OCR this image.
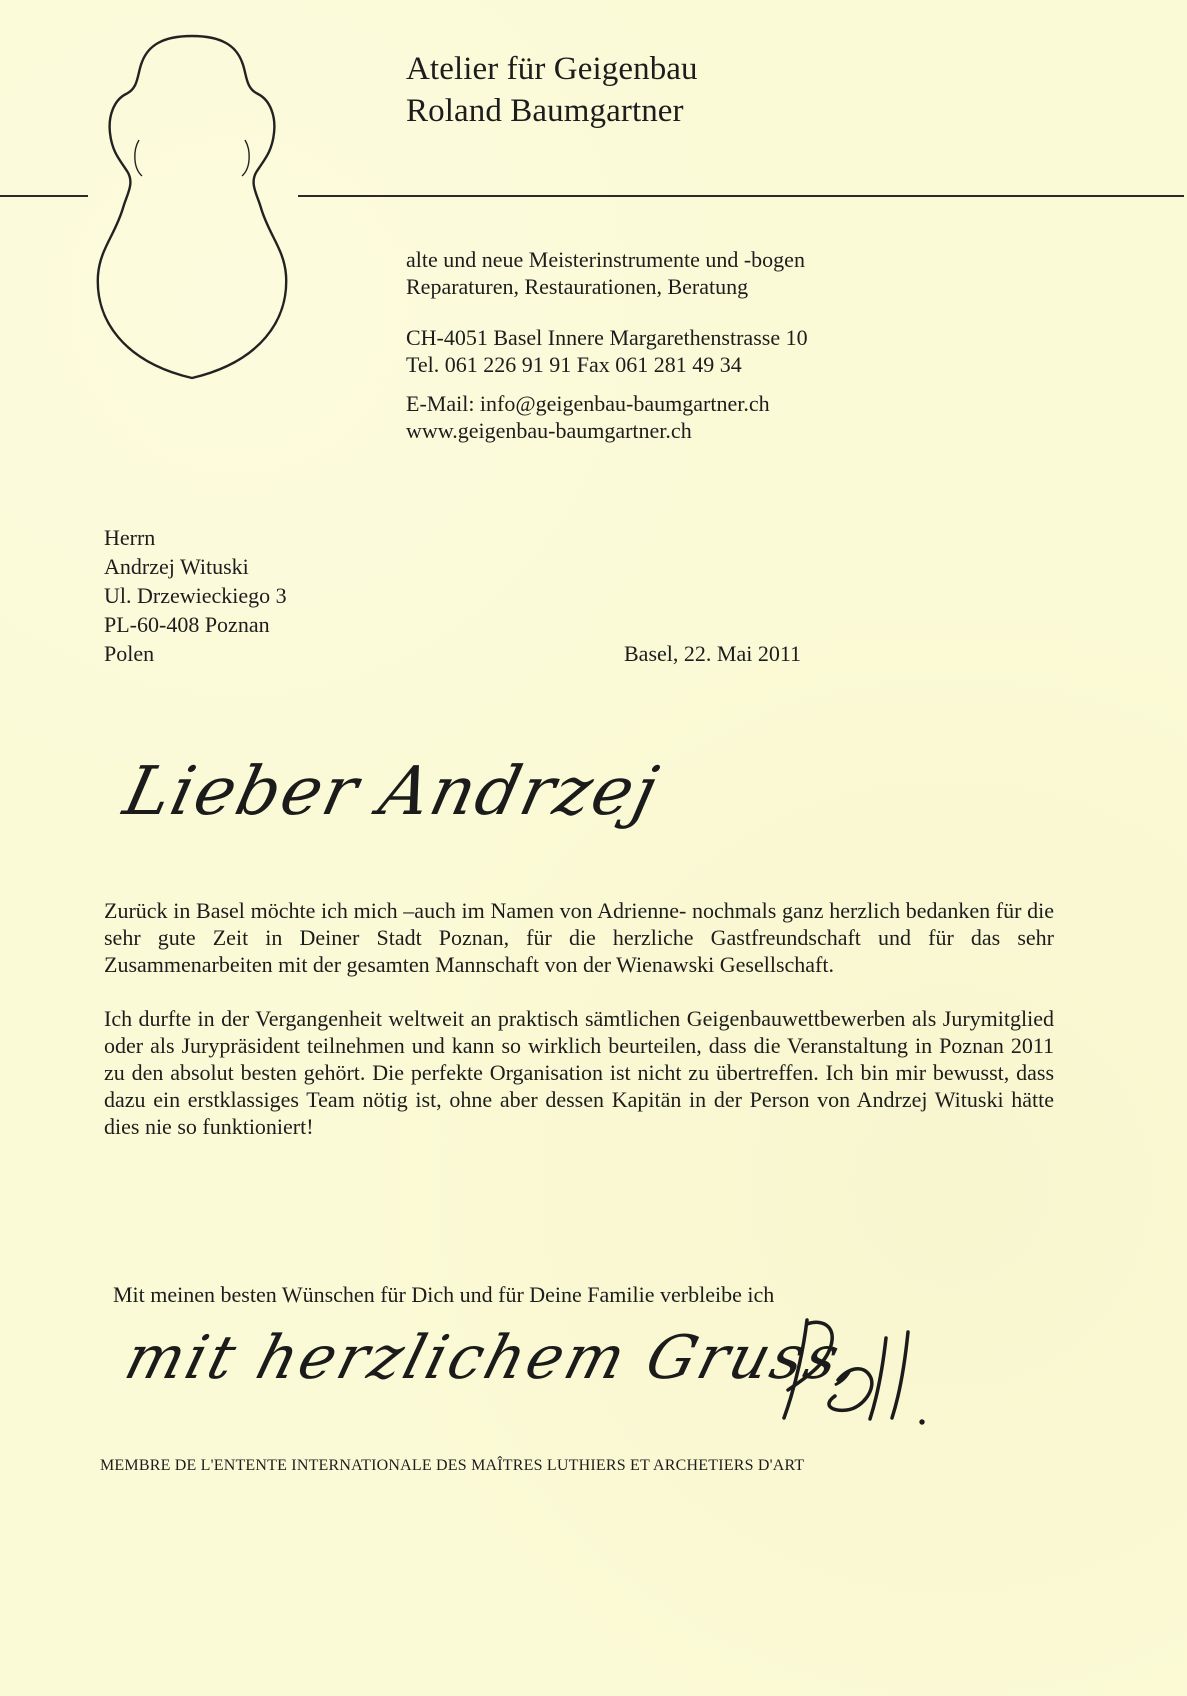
Atelier für Geigenbau
Roland Baumgartner
alte und neue Meisterinstrumente und -bogen
Reparaturen, Restaurationen, Beratung
CH-4051 Basel Innere Margarethenstrasse 10
Tel. 061 226 91 91 Fax 061 281 49 34
E-Mail: info@geigenbau-baumgartner.ch
www.geigenbau-baumgartner.ch
Herrn
Andrzej Wituski
Ul. Drzewieckiego 3
PL-60-408 Poznan
Polen	Basel, 22. Mai 2011
Lieber Andrzej

Zurück in Basel möchte ich mich –auch im Namen von Adrienne- nochmals ganz herzlich bedanken für die sehr gute Zeit in Deiner Stadt Poznan, für die herzliche Gastfreundschaft und für das sehr Zusammenarbeiten mit der gesamten Mannschaft von der Wienawski Gesellschaft.

Ich durfte in der Vergangenheit weltweit an praktisch sämtlichen Geigenbauwettbewerben als Jurymitglied oder als Jurypräsident teilnehmen und kann so wirklich beurteilen, dass die Veranstaltung in Poznan 2011 zu den absolut besten gehört. Die perfekte Organisation ist nicht zu übertreffen. Ich bin mir bewusst, dass dazu ein erstklassiges Team nötig ist, ohne aber dessen Kapitän in der Person von Andrzej Wituski hätte dies nie so funktioniert!

Mit meinen besten Wünschen für Dich und für Deine Familie verbleibe ich
mit herzlichem Gruss,
MEMBRE DE L'ENTENTE INTERNATIONALE DES MAÎTRES LUTHIERS ET ARCHETIERS D'ART
